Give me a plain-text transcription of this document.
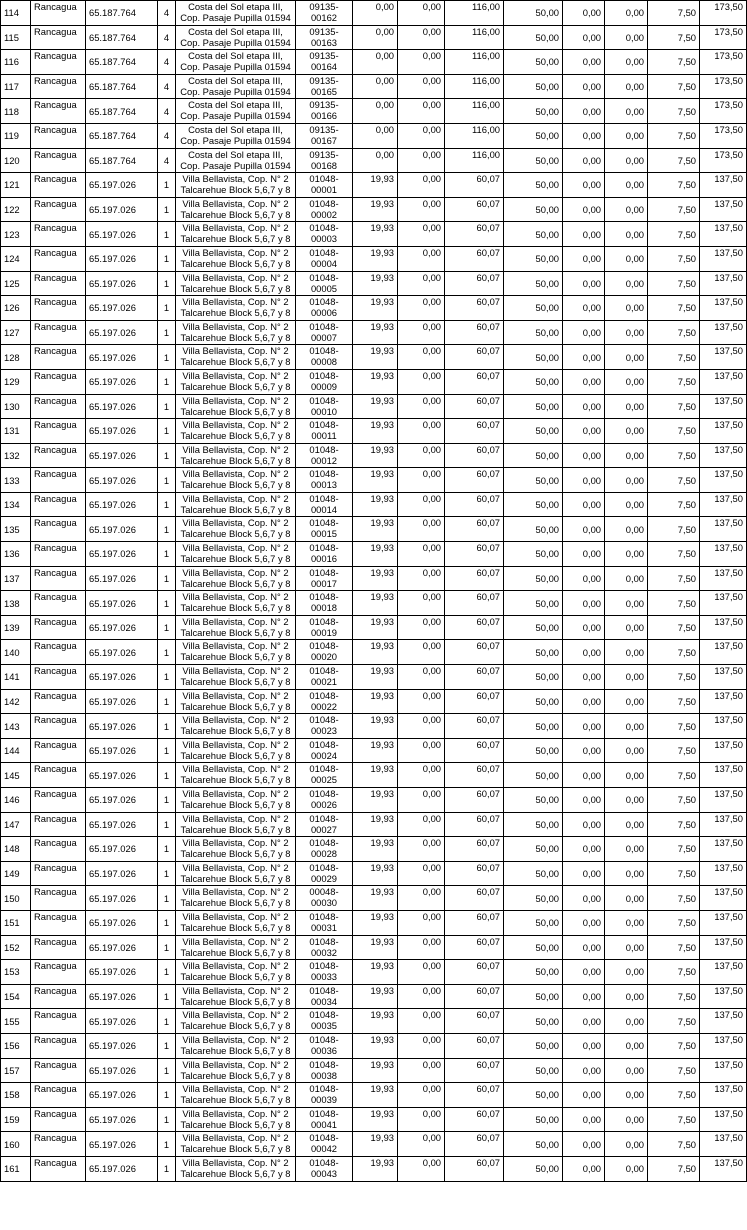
114	Rancagua	65.187.764	4	Costa del Sol etapa III,
Cop. Pasaje Pupilla 01594	09135-
00162	0,00	0,00	116,00	50,00	0,00	0,00	7,50	173,50
115	Rancagua	65.187.764	4	Costa del Sol etapa III,
Cop. Pasaje Pupilla 01594	09135-
00163	0,00	0,00	116,00	50,00	0,00	0,00	7,50	173,50
116	Rancagua	65.187.764	4	Costa del Sol etapa III,
Cop. Pasaje Pupilla 01594	09135-
00164	0,00	0,00	116,00	50,00	0,00	0,00	7,50	173,50
117	Rancagua	65.187.764	4	Costa del Sol etapa III,
Cop. Pasaje Pupilla 01594	09135-
00165	0,00	0,00	116,00	50,00	0,00	0,00	7,50	173,50
118	Rancagua	65.187.764	4	Costa del Sol etapa III,
Cop. Pasaje Pupilla 01594	09135-
00166	0,00	0,00	116,00	50,00	0,00	0,00	7,50	173,50
119	Rancagua	65.187.764	4	Costa del Sol etapa III,
Cop. Pasaje Pupilla 01594	09135-
00167	0,00	0,00	116,00	50,00	0,00	0,00	7,50	173,50
120	Rancagua	65.187.764	4	Costa del Sol etapa III,
Cop. Pasaje Pupilla 01594	09135-
00168	0,00	0,00	116,00	50,00	0,00	0,00	7,50	173,50
121	Rancagua	65.197.026	1	Villa Bellavista, Cop. N° 2
Talcarehue Block 5,6,7 y 8	01048-
00001	19,93	0,00	60,07	50,00	0,00	0,00	7,50	137,50
122	Rancagua	65.197.026	1	Villa Bellavista, Cop. N° 2
Talcarehue Block 5,6,7 y 8	01048-
00002	19,93	0,00	60,07	50,00	0,00	0,00	7,50	137,50
123	Rancagua	65.197.026	1	Villa Bellavista, Cop. N° 2
Talcarehue Block 5,6,7 y 8	01048-
00003	19,93	0,00	60,07	50,00	0,00	0,00	7,50	137,50
124	Rancagua	65.197.026	1	Villa Bellavista, Cop. N° 2
Talcarehue Block 5,6,7 y 8	01048-
00004	19,93	0,00	60,07	50,00	0,00	0,00	7,50	137,50
125	Rancagua	65.197.026	1	Villa Bellavista, Cop. N° 2
Talcarehue Block 5,6,7 y 8	01048-
00005	19,93	0,00	60,07	50,00	0,00	0,00	7,50	137,50
126	Rancagua	65.197.026	1	Villa Bellavista, Cop. N° 2
Talcarehue Block 5,6,7 y 8	01048-
00006	19,93	0,00	60,07	50,00	0,00	0,00	7,50	137,50
127	Rancagua	65.197.026	1	Villa Bellavista, Cop. N° 2
Talcarehue Block 5,6,7 y 8	01048-
00007	19,93	0,00	60,07	50,00	0,00	0,00	7,50	137,50
128	Rancagua	65.197.026	1	Villa Bellavista, Cop. N° 2
Talcarehue Block 5,6,7 y 8	01048-
00008	19,93	0,00	60,07	50,00	0,00	0,00	7,50	137,50
129	Rancagua	65.197.026	1	Villa Bellavista, Cop. N° 2
Talcarehue Block 5,6,7 y 8	01048-
00009	19,93	0,00	60,07	50,00	0,00	0,00	7,50	137,50
130	Rancagua	65.197.026	1	Villa Bellavista, Cop. N° 2
Talcarehue Block 5,6,7 y 8	01048-
00010	19,93	0,00	60,07	50,00	0,00	0,00	7,50	137,50
131	Rancagua	65.197.026	1	Villa Bellavista, Cop. N° 2
Talcarehue Block 5,6,7 y 8	01048-
00011	19,93	0,00	60,07	50,00	0,00	0,00	7,50	137,50
132	Rancagua	65.197.026	1	Villa Bellavista, Cop. N° 2
Talcarehue Block 5,6,7 y 8	01048-
00012	19,93	0,00	60,07	50,00	0,00	0,00	7,50	137,50
133	Rancagua	65.197.026	1	Villa Bellavista, Cop. N° 2
Talcarehue Block 5,6,7 y 8	01048-
00013	19,93	0,00	60,07	50,00	0,00	0,00	7,50	137,50
134	Rancagua	65.197.026	1	Villa Bellavista, Cop. N° 2
Talcarehue Block 5,6,7 y 8	01048-
00014	19,93	0,00	60,07	50,00	0,00	0,00	7,50	137,50
135	Rancagua	65.197.026	1	Villa Bellavista, Cop. N° 2
Talcarehue Block 5,6,7 y 8	01048-
00015	19,93	0,00	60,07	50,00	0,00	0,00	7,50	137,50
136	Rancagua	65.197.026	1	Villa Bellavista, Cop. N° 2
Talcarehue Block 5,6,7 y 8	01048-
00016	19,93	0,00	60,07	50,00	0,00	0,00	7,50	137,50
137	Rancagua	65.197.026	1	Villa Bellavista, Cop. N° 2
Talcarehue Block 5,6,7 y 8	01048-
00017	19,93	0,00	60,07	50,00	0,00	0,00	7,50	137,50
138	Rancagua	65.197.026	1	Villa Bellavista, Cop. N° 2
Talcarehue Block 5,6,7 y 8	01048-
00018	19,93	0,00	60,07	50,00	0,00	0,00	7,50	137,50
139	Rancagua	65.197.026	1	Villa Bellavista, Cop. N° 2
Talcarehue Block 5,6,7 y 8	01048-
00019	19,93	0,00	60,07	50,00	0,00	0,00	7,50	137,50
140	Rancagua	65.197.026	1	Villa Bellavista, Cop. N° 2
Talcarehue Block 5,6,7 y 8	01048-
00020	19,93	0,00	60,07	50,00	0,00	0,00	7,50	137,50
141	Rancagua	65.197.026	1	Villa Bellavista, Cop. N° 2
Talcarehue Block 5,6,7 y 8	01048-
00021	19,93	0,00	60,07	50,00	0,00	0,00	7,50	137,50
142	Rancagua	65.197.026	1	Villa Bellavista, Cop. N° 2
Talcarehue Block 5,6,7 y 8	01048-
00022	19,93	0,00	60,07	50,00	0,00	0,00	7,50	137,50
143	Rancagua	65.197.026	1	Villa Bellavista, Cop. N° 2
Talcarehue Block 5,6,7 y 8	01048-
00023	19,93	0,00	60,07	50,00	0,00	0,00	7,50	137,50
144	Rancagua	65.197.026	1	Villa Bellavista, Cop. N° 2
Talcarehue Block 5,6,7 y 8	01048-
00024	19,93	0,00	60,07	50,00	0,00	0,00	7,50	137,50
145	Rancagua	65.197.026	1	Villa Bellavista, Cop. N° 2
Talcarehue Block 5,6,7 y 8	01048-
00025	19,93	0,00	60,07	50,00	0,00	0,00	7,50	137,50
146	Rancagua	65.197.026	1	Villa Bellavista, Cop. N° 2
Talcarehue Block 5,6,7 y 8	01048-
00026	19,93	0,00	60,07	50,00	0,00	0,00	7,50	137,50
147	Rancagua	65.197.026	1	Villa Bellavista, Cop. N° 2
Talcarehue Block 5,6,7 y 8	01048-
00027	19,93	0,00	60,07	50,00	0,00	0,00	7,50	137,50
148	Rancagua	65.197.026	1	Villa Bellavista, Cop. N° 2
Talcarehue Block 5,6,7 y 8	01048-
00028	19,93	0,00	60,07	50,00	0,00	0,00	7,50	137,50
149	Rancagua	65.197.026	1	Villa Bellavista, Cop. N° 2
Talcarehue Block 5,6,7 y 8	01048-
00029	19,93	0,00	60,07	50,00	0,00	0,00	7,50	137,50
150	Rancagua	65.197.026	1	Villa Bellavista, Cop. N° 2
Talcarehue Block 5,6,7 y 8	00048-
00030	19,93	0,00	60,07	50,00	0,00	0,00	7,50	137,50
151	Rancagua	65.197.026	1	Villa Bellavista, Cop. N° 2
Talcarehue Block 5,6,7 y 8	01048-
00031	19,93	0,00	60,07	50,00	0,00	0,00	7,50	137,50
152	Rancagua	65.197.026	1	Villa Bellavista, Cop. N° 2
Talcarehue Block 5,6,7 y 8	01048-
00032	19,93	0,00	60,07	50,00	0,00	0,00	7,50	137,50
153	Rancagua	65.197.026	1	Villa Bellavista, Cop. N° 2
Talcarehue Block 5,6,7 y 8	01048-
00033	19,93	0,00	60,07	50,00	0,00	0,00	7,50	137,50
154	Rancagua	65.197.026	1	Villa Bellavista, Cop. N° 2
Talcarehue Block 5,6,7 y 8	01048-
00034	19,93	0,00	60,07	50,00	0,00	0,00	7,50	137,50
155	Rancagua	65.197.026	1	Villa Bellavista, Cop. N° 2
Talcarehue Block 5,6,7 y 8	01048-
00035	19,93	0,00	60,07	50,00	0,00	0,00	7,50	137,50
156	Rancagua	65.197.026	1	Villa Bellavista, Cop. N° 2
Talcarehue Block 5,6,7 y 8	01048-
00036	19,93	0,00	60,07	50,00	0,00	0,00	7,50	137,50
157	Rancagua	65.197.026	1	Villa Bellavista, Cop. N° 2
Talcarehue Block 5,6,7 y 8	01048-
00038	19,93	0,00	60,07	50,00	0,00	0,00	7,50	137,50
158	Rancagua	65.197.026	1	Villa Bellavista, Cop. N° 2
Talcarehue Block 5,6,7 y 8	01048-
00039	19,93	0,00	60,07	50,00	0,00	0,00	7,50	137,50
159	Rancagua	65.197.026	1	Villa Bellavista, Cop. N° 2
Talcarehue Block 5,6,7 y 8	01048-
00041	19,93	0,00	60,07	50,00	0,00	0,00	7,50	137,50
160	Rancagua	65.197.026	1	Villa Bellavista, Cop. N° 2
Talcarehue Block 5,6,7 y 8	01048-
00042	19,93	0,00	60,07	50,00	0,00	0,00	7,50	137,50
161	Rancagua	65.197.026	1	Villa Bellavista, Cop. N° 2
Talcarehue Block 5,6,7 y 8	01048-
00043	19,93	0,00	60,07	50,00	0,00	0,00	7,50	137,50
